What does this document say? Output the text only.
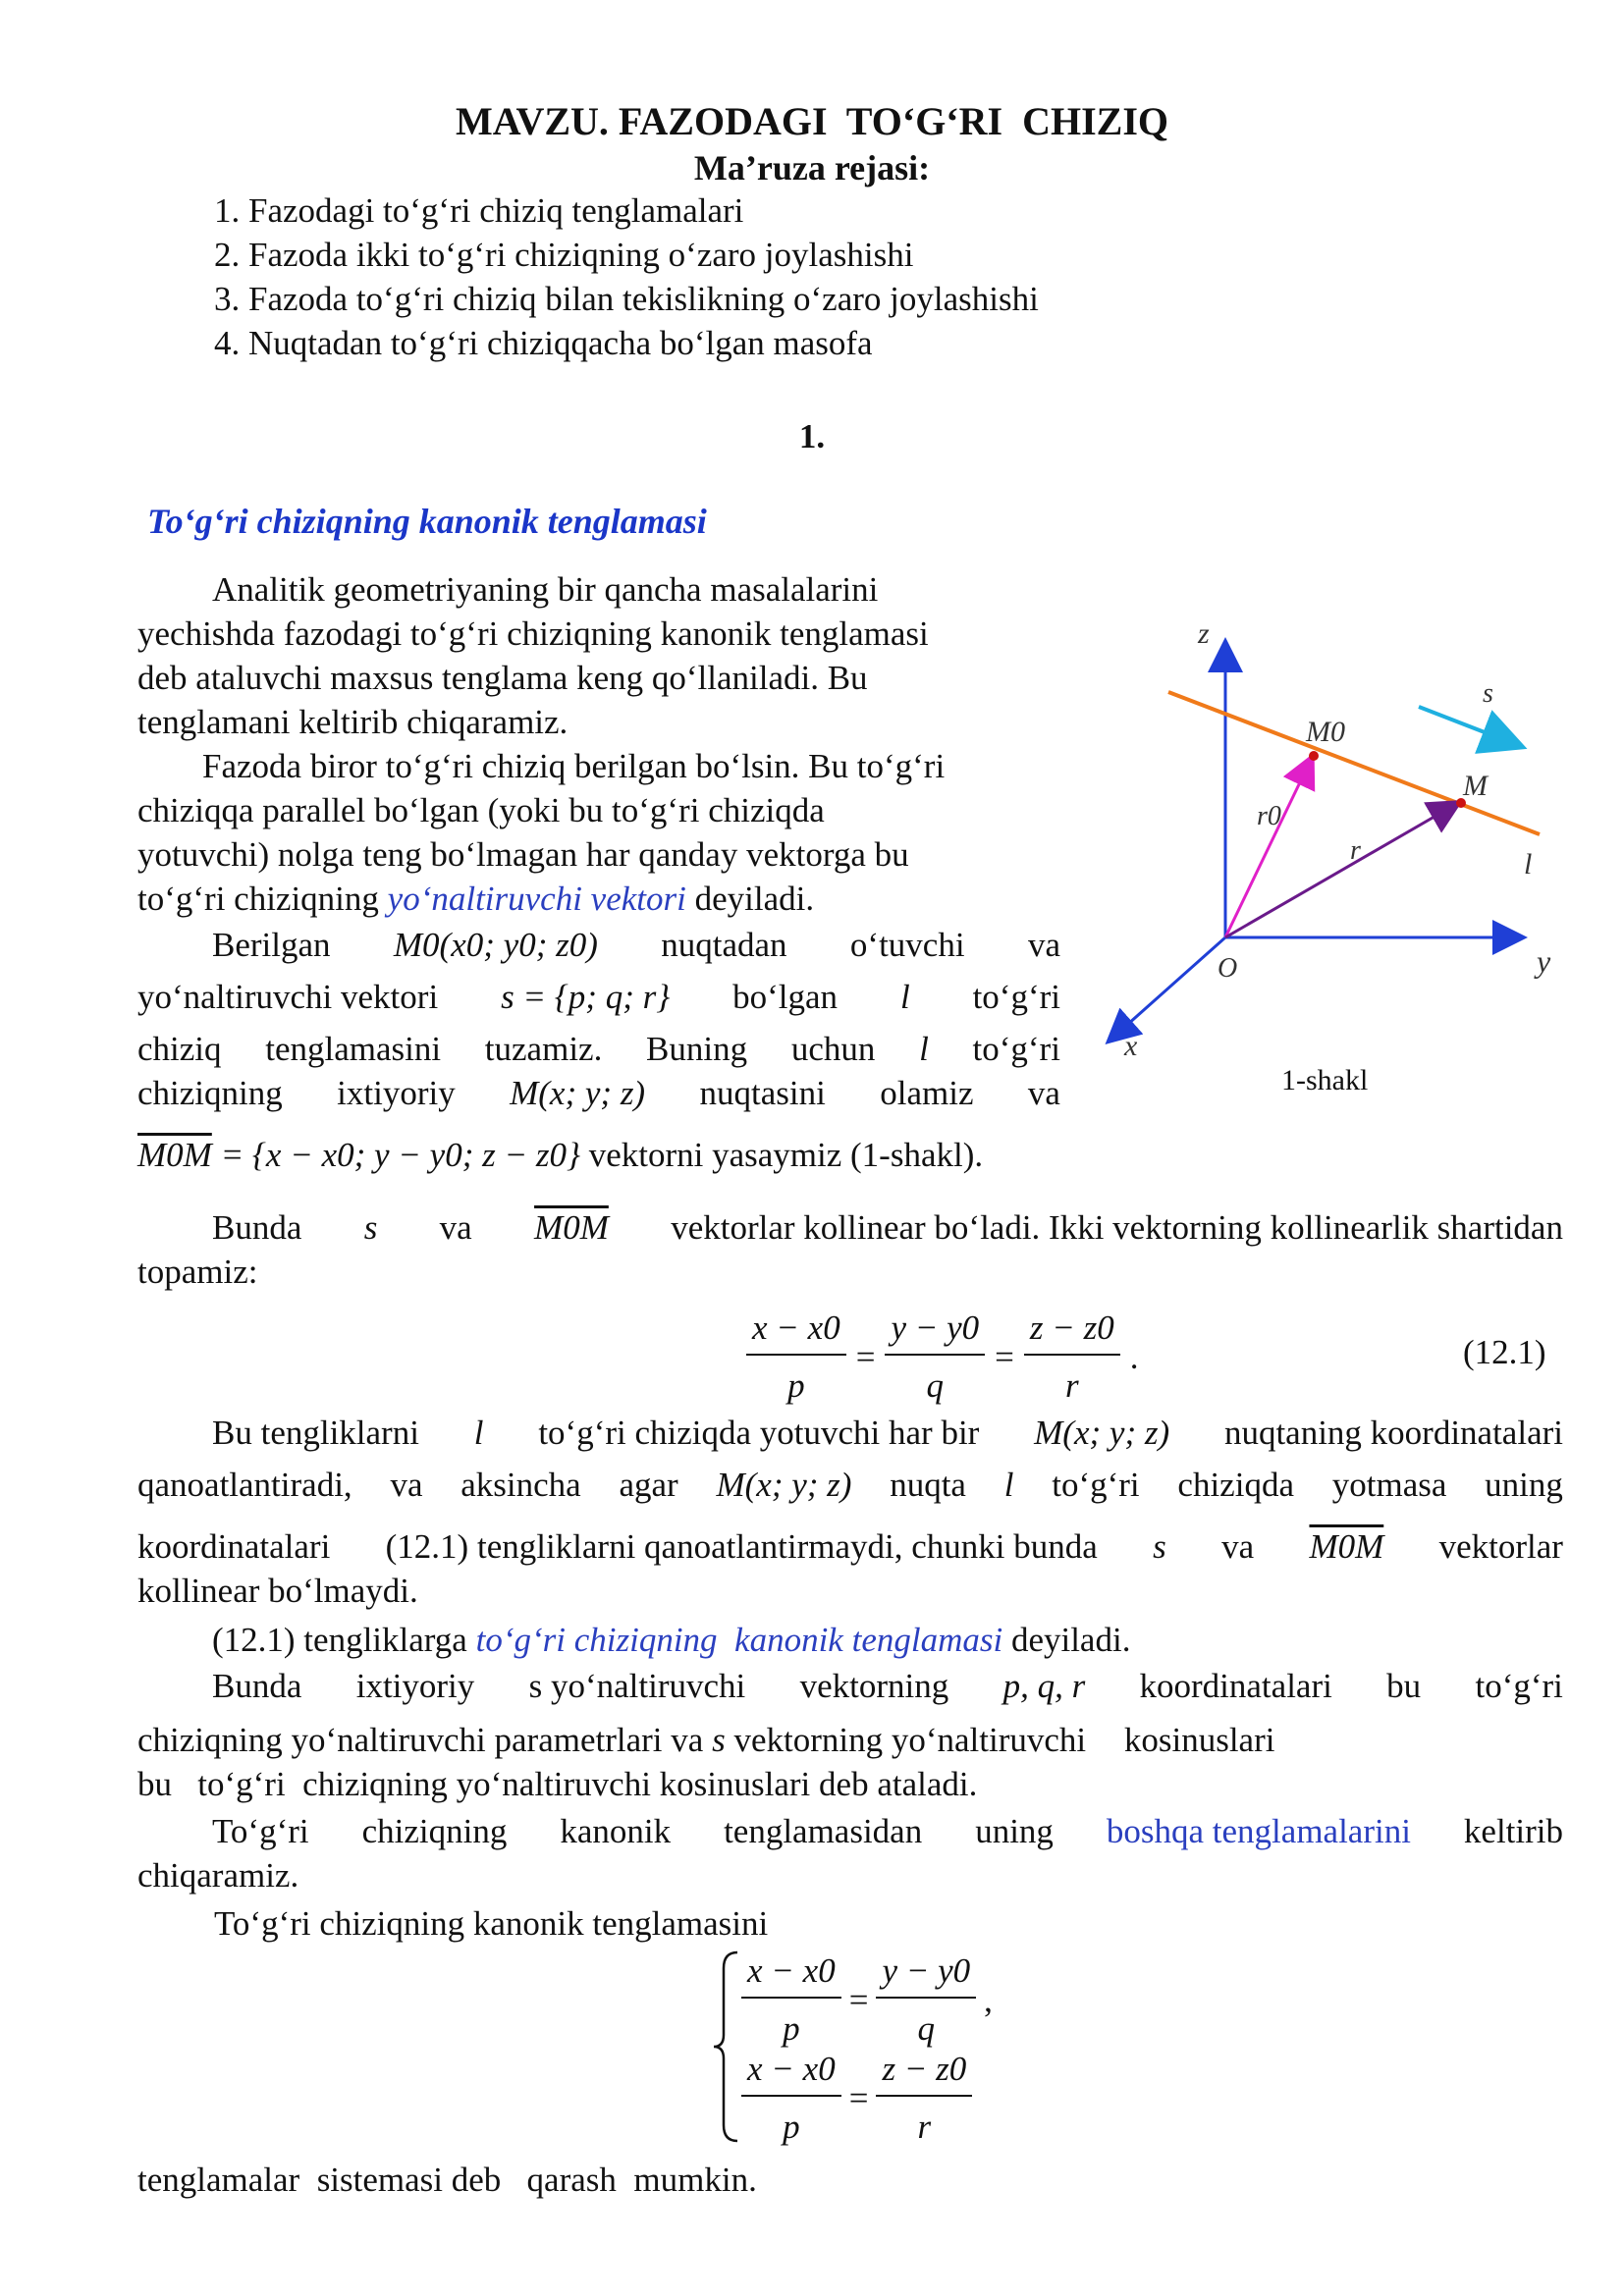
MAVZU. FAZODAGI  TO‘G‘RI  CHIZIQ
Ma’ruza rejasi:
1. Fazodagi to‘g‘ri chiziq tenglamalari
2. Fazoda ikki to‘g‘ri chiziqning o‘zaro joylashishi
3. Fazoda to‘g‘ri chiziq bilan tekislikning o‘zaro joylashishi
4. Nuqtadan to‘g‘ri chiziqqacha bo‘lgan masofa
1.
To‘g‘ri chiziqning kanonik tenglamasi
Analitik geometriyaning bir qancha masalalarini
yechishda fazodagi to‘g‘ri chiziqning kanonik tenglamasi
deb ataluvchi maxsus tenglama keng qo‘llaniladi. Bu
tenglamani keltirib chiqaramiz.
Fazoda biror to‘g‘ri chiziq berilgan bo‘lsin. Bu to‘g‘ri
chiziqqa parallel bo‘lgan (yoki bu to‘g‘ri chiziqda
yotuvchi) nolga teng bo‘lmagan har qanday vektorga bu
to‘g‘ri chiziqning yo‘naltiruvchi vektori deyiladi.
Berilgan M0(x0; y0; z0) nuqtadan o‘tuvchi va
yo‘naltiruvchi vektori s = {p; q; r} bo‘lgan l to‘g‘ri
chiziq tenglamasini tuzamiz. Buning uchun l to‘g‘ri
chiziqning ixtiyoriy M(x; y; z) nuqtasini olamiz va
M0M = {x − x0; y − y0; z − z0} vektorni yasaymiz (1-shakl).
z
y
x
O
s
M0
M
r0
r	l
1-shakl
Bunda s va M0M vektorlar kollinear bo‘ladi. Ikki vektorning kollinearlik shartidan
topamiz:
$\frac{x - x0}{p} = \frac{y - y0}{q} = \frac{z - z0}{r}$ .	(12.1)
Bu tengliklarni l to‘g‘ri chiziqda yotuvchi har bir M(x; y; z) nuqtaning koordinatalari
qanoatlantiradi, va aksincha agar M(x; y; z) nuqta l to‘g‘ri chiziqda yotmasa uning
koordinatalari (12.1) tengliklarni qanoatlantirmaydi, chunki bunda s va M0M vektorlar
kollinear bo‘lmaydi.
(12.1) tengliklarga to‘g‘ri chiziqning  kanonik tenglamasi deyiladi.
Bunda ixtiyoriy s yo‘naltiruvchi vektorning p, q, r koordinatalari bu to‘g‘ri
chiziqning yo‘naltiruvchi parametrlari va s vektorning yo‘naltiruvchi kosinuslari
bu   to‘g‘ri  chiziqning yo‘naltiruvchi kosinuslari deb ataladi.
To‘g‘ri chiziqning kanonik tenglamasidan uning boshqa tenglamalarini keltirib
chiqaramiz.
To‘g‘ri chiziqning kanonik tenglamasini
$\frac{x - x0}{p} = \frac{y - y0}{q}$ ,
$\frac{x - x0}{p} = \frac{z - z0}{r}$
tenglamalar  sistemasi deb   qarash  mumkin.
